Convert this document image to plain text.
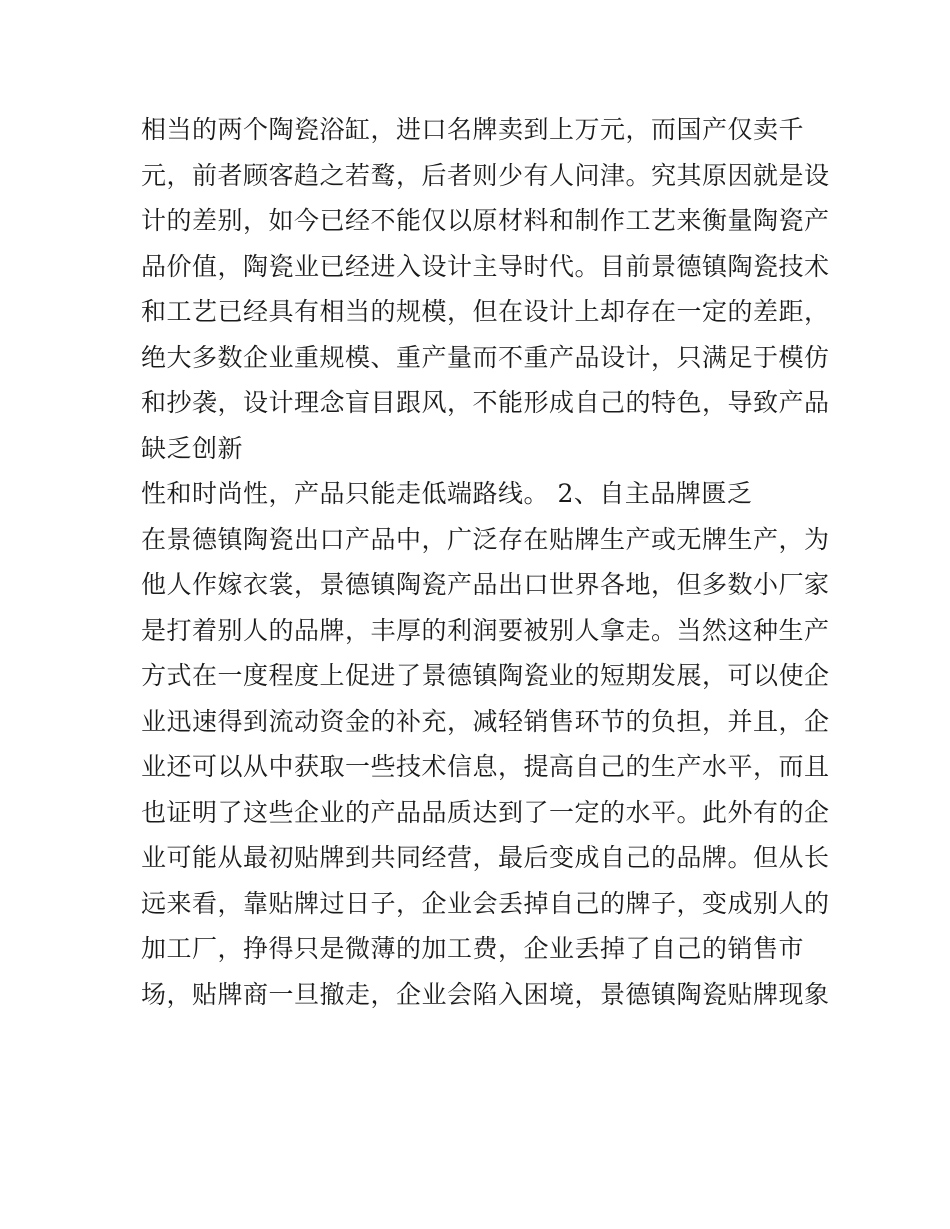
相当的两个陶瓷浴缸，进口名牌卖到上万元，而国产仅卖千
元，前者顾客趋之若鹜，后者则少有人问津。究其原因就是设
计的差别，如今已经不能仅以原材料和制作工艺来衡量陶瓷产
品价值，陶瓷业已经进入设计主导时代。目前景德镇陶瓷技术
和工艺已经具有相当的规模，但在设计上却存在一定的差距，
绝大多数企业重规模、重产量而不重产品设计，只满足于模仿
和抄袭，设计理念盲目跟风，不能形成自己的特色，导致产品
缺乏创新
性和时尚性，产品只能走低端路线。 2、自主品牌匮乏
在景德镇陶瓷出口产品中，广泛存在贴牌生产或无牌生产，为
他人作嫁衣裳，景德镇陶瓷产品出口世界各地，但多数小厂家
是打着别人的品牌，丰厚的利润要被别人拿走。当然这种生产
方式在一度程度上促进了景德镇陶瓷业的短期发展，可以使企
业迅速得到流动资金的补充，减轻销售环节的负担，并且，企
业还可以从中获取一些技术信息，提高自己的生产水平，而且
也证明了这些企业的产品品质达到了一定的水平。此外有的企
业可能从最初贴牌到共同经营，最后变成自己的品牌。但从长
远来看，靠贴牌过日子，企业会丢掉自己的牌子，变成别人的
加工厂，挣得只是微薄的加工费，企业丢掉了自己的销售市
场，贴牌商一旦撤走，企业会陷入困境，景德镇陶瓷贴牌现象
